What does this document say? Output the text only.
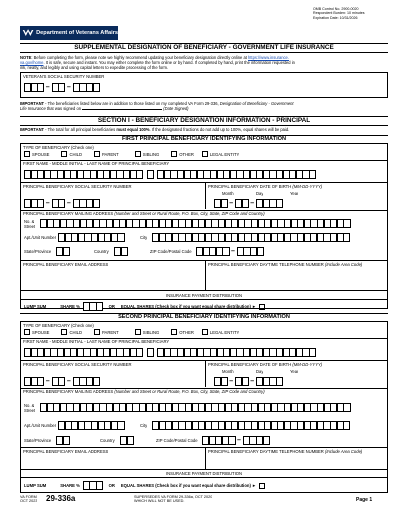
OMB Control No. 2900-0020
Respondent Burden: 10 minutes
Expiration Date: 10/31/2026
Department of Veterans Affairs
SUPPLEMENTAL DESIGNATION OF BENEFICIARY - GOVERNMENT LIFE INSURANCE
NOTE: Before completing the form, please note we highly recommend updating your beneficiary designation directly online at https://www.insurance.
va.gov/home. It is safe, secure and instant. You may either complete the form online or by hand. If completed by hand, print the information requested in
ink, neatly, and legibly and using capital letters to expedite processing of the form.
VETERAN'S SOCIAL SECURITY NUMBER
– –
IMPORTANT - The beneficiaries listed below are in addition to those listed on my completed VA Form 29-336, Designation of Beneficiary - Government
Life Insurance that was signed on	(Date Signed)
SECTION I - BENEFICIARY DESIGNATION INFORMATION - PRINCIPAL
IMPORTANT - The total for all principal beneficiaries must equal 100%. If the designated fractions do not add up to 100%, equal shares will be paid.
FIRST PRINCIPAL BENEFICIARY IDENTIFYING INFORMATION
TYPE OF BENEFICIARY (Check one)
SPOUSE	CHILD	PARENT	SIBLING	OTHER	LEGAL ENTITY
FIRST NAME - MIDDLE INITIAL - LAST NAME OF PRINCIPAL BENEFICIARY
PRINCIPAL BENEFICIARY SOCIAL SECURITY NUMBER	PRINCIPAL BENEFICIARY DATE OF BIRTH (MM-DD-YYYY)
Month	Day	Year
– –	– –
PRINCIPAL BENEFICIARY MAILING ADDRESS (Number and Street or Rural Route, P.O. Box, City, State, ZIP Code and Country)
No. &
Street
Apt./Unit Number	City
State/Province	Country	ZIP Code/Postal Code	–
PRINCIPAL BENEFICIARY EMAIL ADDRESS	PRINCIPAL BENEFICIARY DAYTIME TELEPHONE NUMBER (Include Area Code)
INSURANCE PAYMENT DISTRIBUTION
LUMP SUM	SHARE %	OR EQUAL SHARES (Check box if you want equal share distribution) ►
SECOND PRINCIPAL BENEFICIARY IDENTIFYING INFORMATION
TYPE OF BENEFICIARY (Check one)
SPOUSE	CHILD	PARENT	SIBLING	OTHER	LEGAL ENTITY
FIRST NAME - MIDDLE INITIAL - LAST NAME OF PRINCIPAL BENEFICIARY
PRINCIPAL BENEFICIARY SOCIAL SECURITY NUMBER	PRINCIPAL BENEFICIARY DATE OF BIRTH (MM-DD-YYYY)
Month	Day	Year
– –	– –
PRINCIPAL BENEFICIARY MAILING ADDRESS (Number and Street or Rural Route, P.O. Box, City, State, ZIP Code and Country)
No. &
Street
Apt./Unit Number	City
State/Province	Country	ZIP Code/Postal Code	–
PRINCIPAL BENEFICIARY EMAIL ADDRESS	PRINCIPAL BENEFICIARY DAYTIME TELEPHONE NUMBER (Include Area Code)
INSURANCE PAYMENT DISTRIBUTION
LUMP SUM	SHARE %	OR EQUAL SHARES (Check box if you want equal share distribution) ►
VA FORM
OCT 2023 29-336a	SUPERSEDES VA FORM 29-336a, OCT 2020
WHICH WILL NOT BE USED.	Page 1
